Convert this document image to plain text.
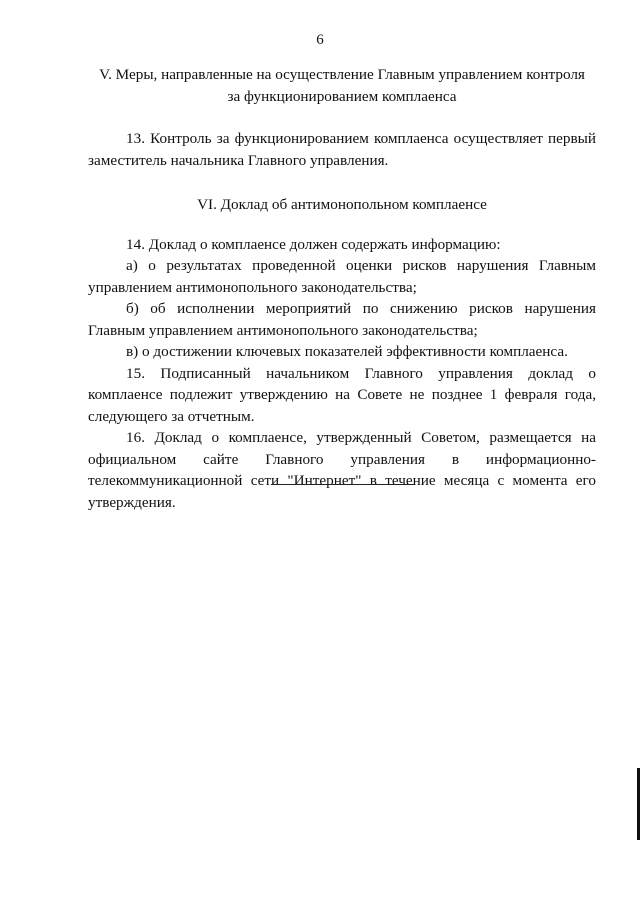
6

V. Меры, направленные на осуществление Главным управлением контроля
за функционированием комплаенса

13. Контроль за функционированием комплаенса осуществляет первый заместитель начальника Главного управления.

VI. Доклад об антимонопольном комплаенсе

14. Доклад о комплаенсе должен содержать информацию:

а) о результатах проведенной оценки рисков нарушения Главным управлением антимонопольного законодательства;

б) об исполнении мероприятий по снижению рисков нарушения Главным управлением антимонопольного законодательства;

в) о достижении ключевых показателей эффективности комплаенса.

15. Подписанный начальником Главного управления доклад о комплаенсе подлежит утверждению на Совете не позднее 1 февраля года, следующего за отчетным.

16. Доклад о комплаенсе, утвержденный Советом, размещается на официальном сайте Главного управления в информационно-телекоммуникационной сети "Интернет" в течение месяца с момента его утверждения.
